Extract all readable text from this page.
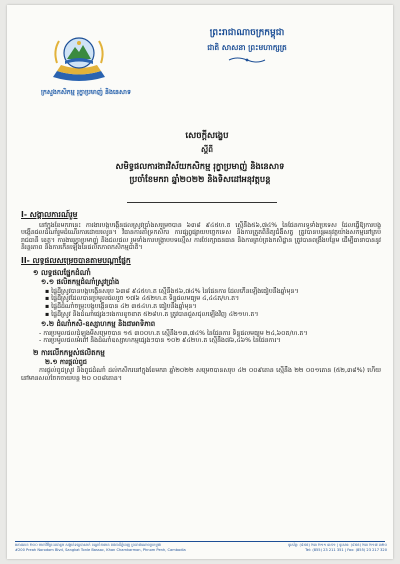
ក្រសួងកសិកម្ម រុក្ខាប្រមាញ់ និងនេសាទ
ព្រះរាជាណាចក្រកម្ពុជា
ជាតិ សាសនា ព្រះមហាក្សត្រ
សេចក្ដីសង្ខេប
ស្ដីពី
សមិទ្ធផលការងារវិស័យកសិកម្ម រុក្ខាប្រមាញ់ និងនេសាទ
ប្រចាំខែមករា ឆ្នាំ២០២២ និងទិសដៅអនុវត្តបន្ត
I- សង្គាលការណ៍រួម
នៅក្នុងខែមករានេះ ការងារបង្កបង្កើនផលស្រូវប្រាំងសម្រេចបាន ៦៣៨ ៩៤៥ហ.ត ស្មើនឹង៥៦,៧៤% នៃផែនការទូទាំងប្រទេស ដែលធ្វើឱ្យការបង្កបង្កើនផលដំណាំរួមដំណើរការដោយរលូន។ វិធានការគាំទ្រកសិករ ការផ្សព្វផ្សាយបច្ចេកទេស និងការត្រួតពិនិត្យជំងឺសត្វ ត្រូវបានបន្តអនុវត្តយ៉ាងសកម្មនៅគ្រប់រាជធានី ខេត្ត។ ការងាររុក្ខាប្រមាញ់ និងជលផល រួមទាំងការបង្ក្រាបបទល្មើស ការថែរក្សាធនធាន និងការគ្រប់គ្រងកសិដ្ឋាន ត្រូវបានពង្រឹងបន្ថែម ដើម្បីធានាបាននូវនិរន្តរភាព និងការកើនឡើងនៃផលិតភាពកសិកម្មជាតិ។
II- លទ្ធផលសម្រេចបានតាមបណ្ដាផ្នែក
១ លទ្ធផលផ្នែកដំណាំ
១.១ ផលិតកម្មដំណាំស្រូវប្រាំង
▪ ផ្ទៃដីស្រូវបានបង្កបង្កើនសរុប ៦៣៨ ៩៤៥ហ.ត ស្មើនឹង៥៦,៧៤% នៃផែនការ ដែលកើនឡើងធៀបនឹងឆ្នាំមុន។
▪ ផ្ទៃដីស្រូវដែលបានប្រមូលផលរួច ១៧៦ ៤៥២ហ.ត ទិន្នផលមធ្យម ៤,៤៤ត/ហ.ត។
▪ ផ្ទៃដីដំណាំចម្រុះបង្កបង្កើនបាន ៤២ ៣៥៤ហ.ត ធៀបនឹងឆ្នាំមុន។
▪ ផ្ទៃដីស្រូវ និងដំណាំផ្សេងៗរងការខូចខាត ៥២៨ហ.ត ត្រូវបានជួសជុលឡើងវិញ ៤២១ហ.ត។
១.២ ដំណាំកសិ-ឧស្សាហកម្ម និងជាអាទិភាព
- ការប្រមូលផលដំឡូងមីសម្រេចបាន ១៥ ៣០០ហ.ត ស្មើនឹង១៣,៧៤% នៃផែនការ ទិន្នផលមធ្យម ២៤,៦០ត/ហ.ត។
- ការប្រមូលផលអំពៅ និងដំណាំឧស្សាហកម្មផ្សេងៗបាន ១០២ ៩៤២ហ.ត ស្មើនឹង៧៦,៤៦% នៃផែនការ។
២ ការលើកកម្ពស់ផលិតកម្ម
២.១ ការផ្ដល់ពូជ
ការផ្ដល់ពូជស្រូវ និងពូជដំណាំ ដល់កសិករនៅក្នុងខែមករា ឆ្នាំ២០២២ សម្រេចបានសរុប ៤២ ០០៩តោន ស្មើនឹង ២២ ០០១តោន (៥២,៣៨%) ហើយនៅមានសល់ចែកចាយបន្ត ២០ ០០៨តោន។
អគារលេខ ២០០ មហាវិថីព្រះនរោត្តម សង្កាត់ទន្លេបាសាក់ ខណ្ឌចំការមន រាជធានីភ្នំពេញ ព្រះរាជាណាចក្រកម្ពុជា
#200 Preah Norodom Blvd, Sangkat Tonle Bassac, Khan Chamkarmon, Phnom Penh, Cambodia
ទូរស័ព្ទ: (៨៥៥) ២៣ ២១១ ៣៥១ | ទូរសារ: (៨៥៥) ២៣ ២១៧ ៣២០
Tel: (855) 23 211 351 | Fax: (855) 23 217 320
